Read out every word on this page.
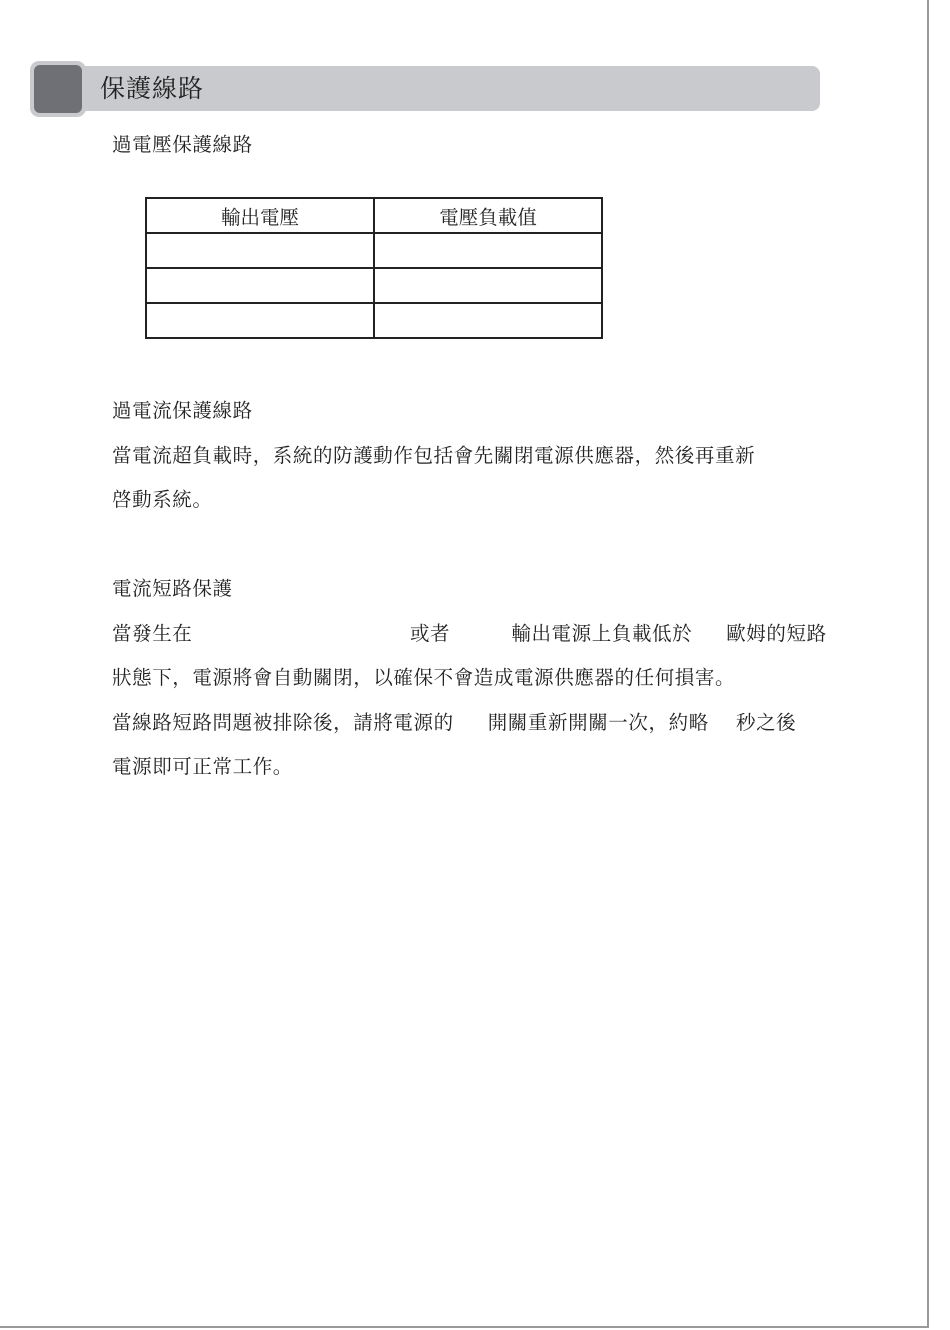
保護線路
過電壓保護線路
輸出電壓	電壓負載值

過電流保護線路
當電流超負載時，系統的防護動作包括會先關閉電源供應器，然後再重新
啓動系統。
電流短路保護
當發生在                                或者         輸出電源上負載低於     歐姆的短路
狀態下，電源將會自動關閉，以確保不會造成電源供應器的任何損害。
當線路短路問題被排除後，請將電源的     開關重新開關一次，約略    秒之後
電源即可正常工作。
